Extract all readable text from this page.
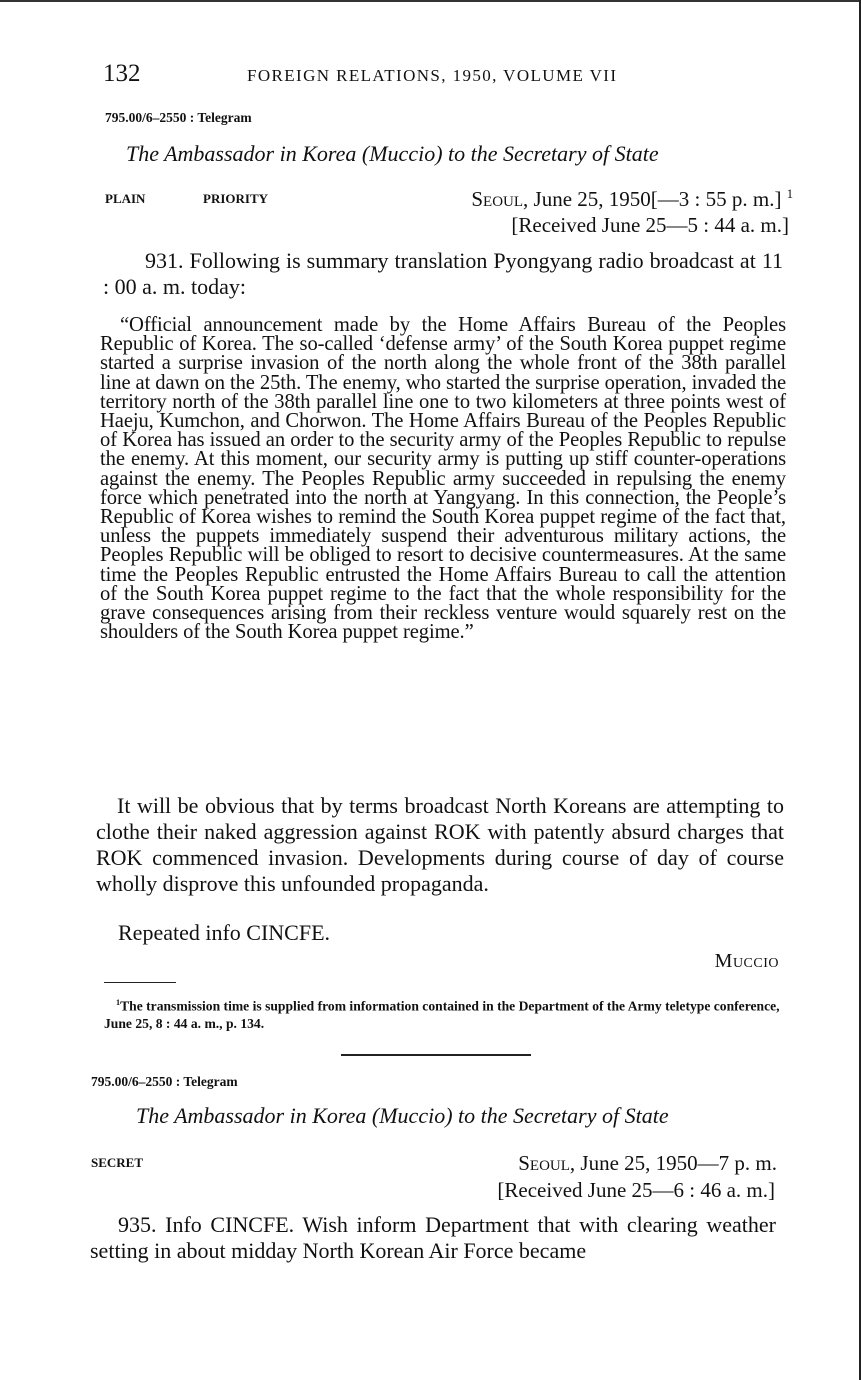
132	FOREIGN RELATIONS, 1950, VOLUME VII
795.00/6–2550 : Telegram
The Ambassador in Korea (Muccio) to the Secretary of State
PLAIN	PRIORITY	Seoul, June 25, 1950[—3 : 55 p. m.] $^1$
[Received June 25—5 : 44 a. m.]
931. Following is summary translation Pyongyang radio broadcast at 11 : 00 a. m. today:
“Official announcement made by the Home Affairs Bureau of the Peoples Republic of Korea. The so-called ‘defense army’ of the South Korea puppet regime started a surprise invasion of the north along the whole front of the 38th parallel line at dawn on the 25th. The enemy, who started the surprise operation, invaded the territory north of the 38th parallel line one to two kilometers at three points west of Haeju, Kumchon, and Chorwon. The Home Affairs Bureau of the Peoples Republic of Korea has issued an order to the security army of the Peoples Republic to repulse the enemy. At this moment, our security army is putting up stiff counter-operations against the enemy. The Peoples Republic army succeeded in repulsing the enemy force which penetrated into the north at Yangyang. In this connection, the People’s Republic of Korea wishes to remind the South Korea puppet regime of the fact that, unless the puppets immediately suspend their adventurous military actions, the Peoples Republic will be obliged to resort to decisive countermeasures. At the same time the Peoples Republic entrusted the Home Affairs Bureau to call the attention of the South Korea puppet regime to the fact that the whole responsibility for the grave consequences arising from their reckless venture would squarely rest on the shoulders of the South Korea puppet regime.”
It will be obvious that by terms broadcast North Koreans are attempting to clothe their naked aggression against ROK with patently absurd charges that ROK commenced invasion. Developments during course of day of course wholly disprove this unfounded propaganda.
Repeated info CINCFE.
Muccio
$^1$The transmission time is supplied from information contained in the Department of the Army teletype conference, June 25, 8 : 44 a. m., p. 134.
795.00/6–2550 : Telegram
The Ambassador in Korea (Muccio) to the Secretary of State
SECRET	Seoul, June 25, 1950—7 p. m.
[Received June 25—6 : 46 a. m.]
935. Info CINCFE. Wish inform Department that with clearing weather setting in about midday North Korean Air Force became
